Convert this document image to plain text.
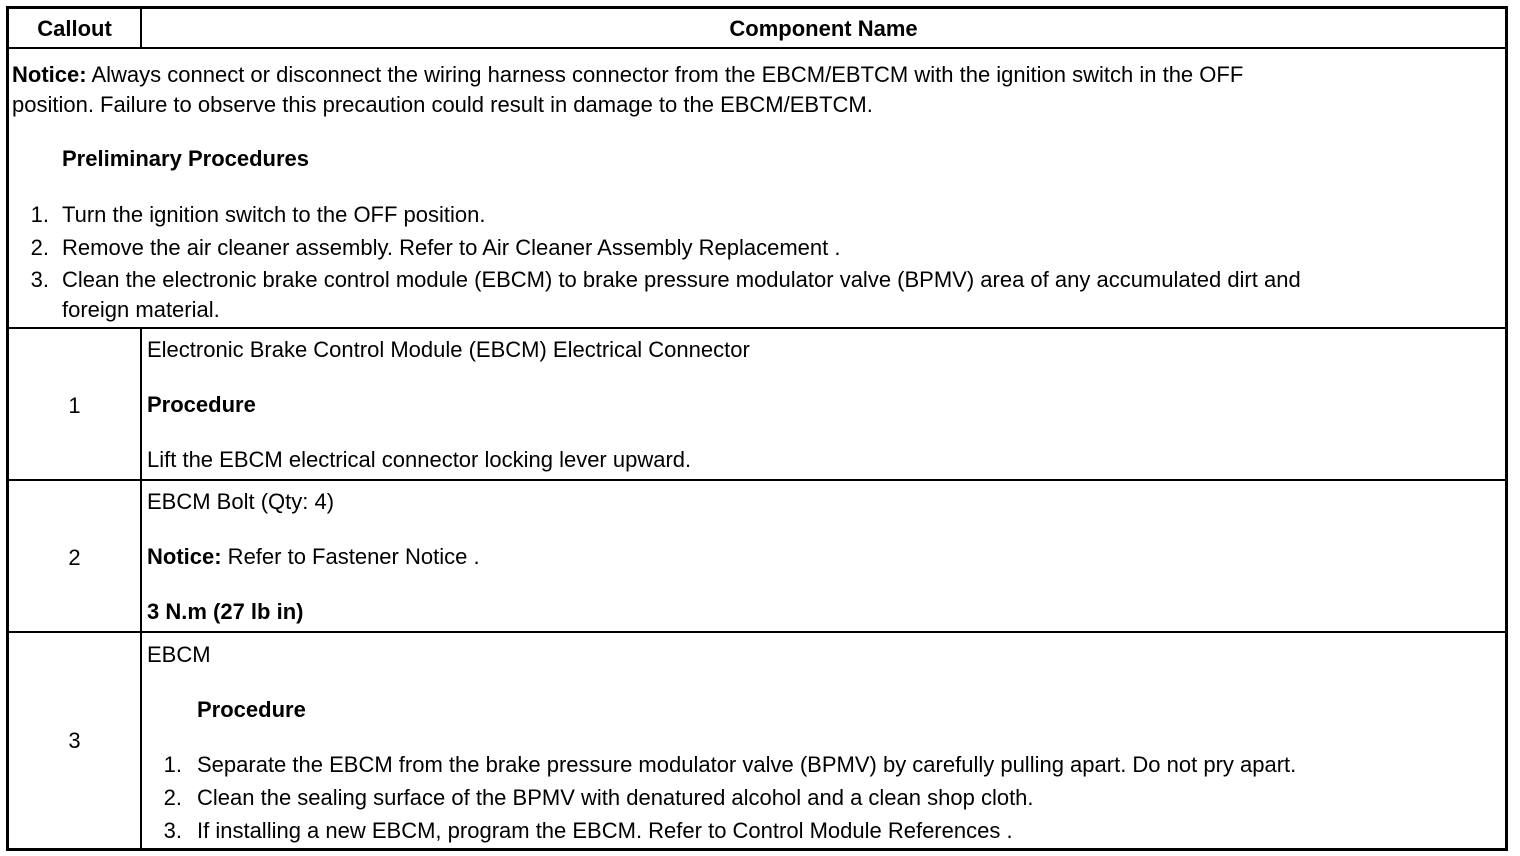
Callout	Component Name
Notice: Always connect or disconnect the wiring harness connector from the EBCM/EBTCM with the ignition switch in the OFF
position. Failure to observe this precaution could result in damage to the EBCM/EBTCM.
Preliminary Procedures
1. Turn the ignition switch to the OFF position.
2. Remove the air cleaner assembly. Refer to Air Cleaner Assembly Replacement .
3. Clean the electronic brake control module (EBCM) to brake pressure modulator valve (BPMV) area of any accumulated dirt and
foreign material.
1
Electronic Brake Control Module (EBCM) Electrical Connector
Procedure
Lift the EBCM electrical connector locking lever upward.
2
EBCM Bolt (Qty: 4)
Notice: Refer to Fastener Notice .
3 N.m (27 lb in)
3
EBCM
Procedure
1. Separate the EBCM from the brake pressure modulator valve (BPMV) by carefully pulling apart. Do not pry apart.
2. Clean the sealing surface of the BPMV with denatured alcohol and a clean shop cloth.
3. If installing a new EBCM, program the EBCM. Refer to Control Module References .
